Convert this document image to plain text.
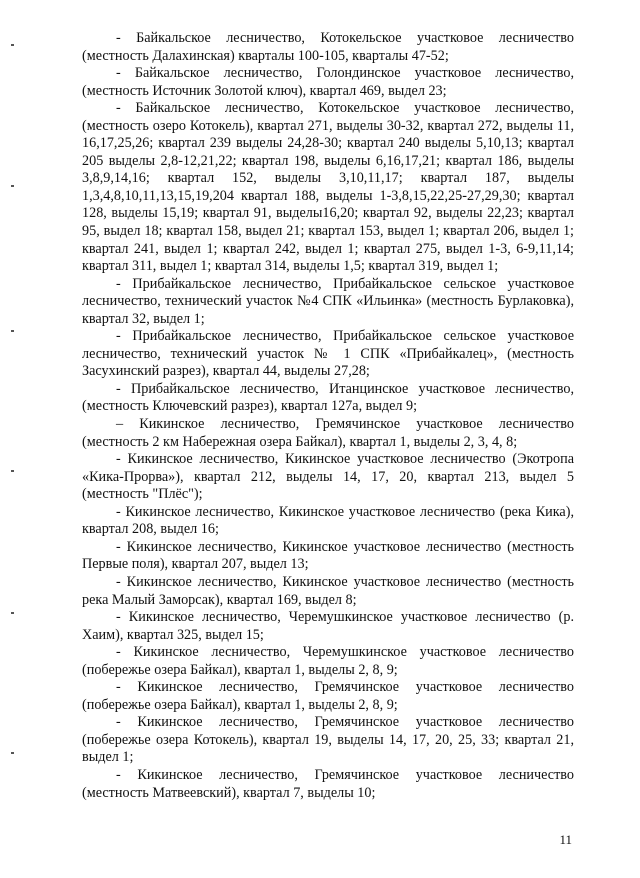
- Байкальское лесничество, Котокельское участковое лесничество (местность Далахинская) кварталы 100-105, кварталы 47-52;

- Байкальское лесничество, Голондинское участковое лесничество, (местность Источник Золотой ключ), квартал 469, выдел 23;

- Байкальское лесничество, Котокельское участковое лесничество, (местность озеро Котокель), квартал 271, выделы 30-32, квартал 272, выделы 11, 16,17,25,26; квартал 239 выделы 24,28-30; квартал 240 выделы 5,10,13; квартал 205 выделы 2,8-12,21,22; квартал 198, выделы 6,16,17,21; квартал 186, выделы 3,8,9,14,16; квартал 152, выделы 3,10,11,17; квартал 187, выделы 1,3,4,8,10,11,13,15,19,204 квартал 188, выделы 1-3,8,15,22,25-27,29,30; квартал 128, выделы 15,19; квартал 91, выделы16,20; квартал 92, выделы 22,23; квартал 95, выдел 18; квартал 158, выдел 21; квартал 153, выдел 1; квартал 206, выдел 1; квартал 241, выдел 1; квартал 242, выдел 1; квартал 275, выдел 1-3, 6-9,11,14; квартал 311, выдел 1; квартал 314, выделы 1,5; квартал 319, выдел 1;

- Прибайкальское лесничество, Прибайкальское сельское участковое лесничество, технический участок №4 СПК «Ильинка» (местность Бурлаковка), квартал 32, выдел 1;

- Прибайкальское лесничество, Прибайкальское сельское участковое лесничество, технический участок № 1 СПК «Прибайкалец», (местность Засухинский разрез), квартал 44, выделы 27,28;

- Прибайкальское лесничество, Итанцинское участковое лесничество, (местность Ключевский разрез), квартал 127а, выдел 9;

– Кикинское лесничество, Гремячинское участковое лесничество (местность 2 км Набережная озера Байкал), квартал 1, выделы 2, 3, 4, 8;

- Кикинское лесничество, Кикинское участковое лесничество (Экотропа «Кика-Прорва»), квартал 212, выделы 14, 17, 20, квартал 213, выдел 5 (местность "Плёс");

- Кикинское лесничество, Кикинское участковое лесничество (река Кика), квартал 208, выдел 16;

- Кикинское лесничество, Кикинское участковое лесничество (местность Первые поля), квартал 207, выдел 13;

- Кикинское лесничество, Кикинское участковое лесничество (местность река Малый Заморсак), квартал 169, выдел 8;

- Кикинское лесничество, Черемушкинское участковое лесничество (р. Хаим), квартал 325, выдел 15;

- Кикинское лесничество, Черемушкинское участковое лесничество (побережье озера Байкал), квартал 1, выделы 2, 8, 9;

- Кикинское лесничество, Гремячинское участковое лесничество (побережье озера Байкал), квартал 1, выделы 2, 8, 9;

- Кикинское лесничество, Гремячинское участковое лесничество (побережье озера Котокель), квартал 19, выделы 14, 17, 20, 25, 33; квартал 21, выдел 1;

- Кикинское лесничество, Гремячинское участковое лесничество (местность Матвеевский), квартал 7, выделы 10;

11
